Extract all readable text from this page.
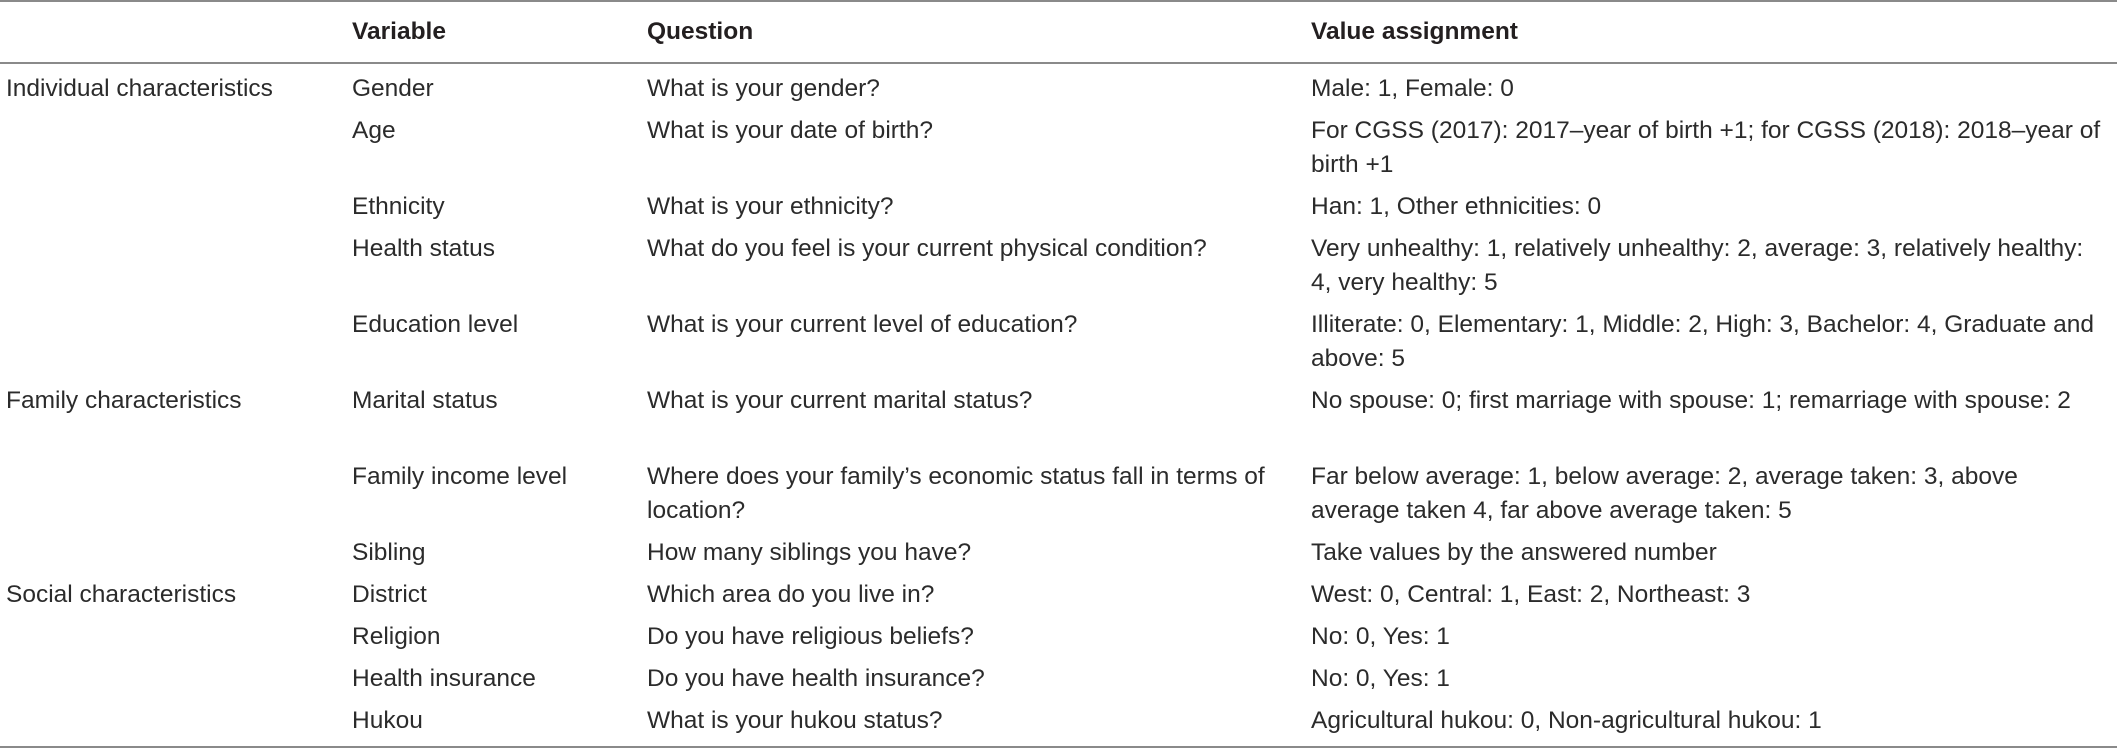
	Variable	Question	Value assignment
Individual characteristics	Gender	What is your gender?	Male: 1, Female: 0
	Age	What is your date of birth?	For CGSS (2017): 2017–year of birth +1; for CGSS (2018): 2018–year of birth +1
	Ethnicity	What is your ethnicity?	Han: 1, Other ethnicities: 0
	Health status	What do you feel is your current physical condition?	Very unhealthy: 1, relatively unhealthy: 2, average: 3, relatively healthy: 4, very healthy: 5
	Education level	What is your current level of education?	Illiterate: 0, Elementary: 1, Middle: 2, High: 3, Bachelor: 4, Graduate and above: 5
Family characteristics	Marital status	What is your current marital status?	No spouse: 0; first marriage with spouse: 1; remarriage with spouse: 2
	Family income level	Where does your family’s economic status fall in terms of location?	Far below average: 1, below average: 2, average taken: 3, above average taken 4, far above average taken: 5
	Sibling	How many siblings you have?	Take values by the answered number
Social characteristics	District	Which area do you live in?	West: 0, Central: 1, East: 2, Northeast: 3
	Religion	Do you have religious beliefs?	No: 0, Yes: 1
	Health insurance	Do you have health insurance?	No: 0, Yes: 1
	Hukou	What is your hukou status?	Agricultural hukou: 0, Non-agricultural hukou: 1
